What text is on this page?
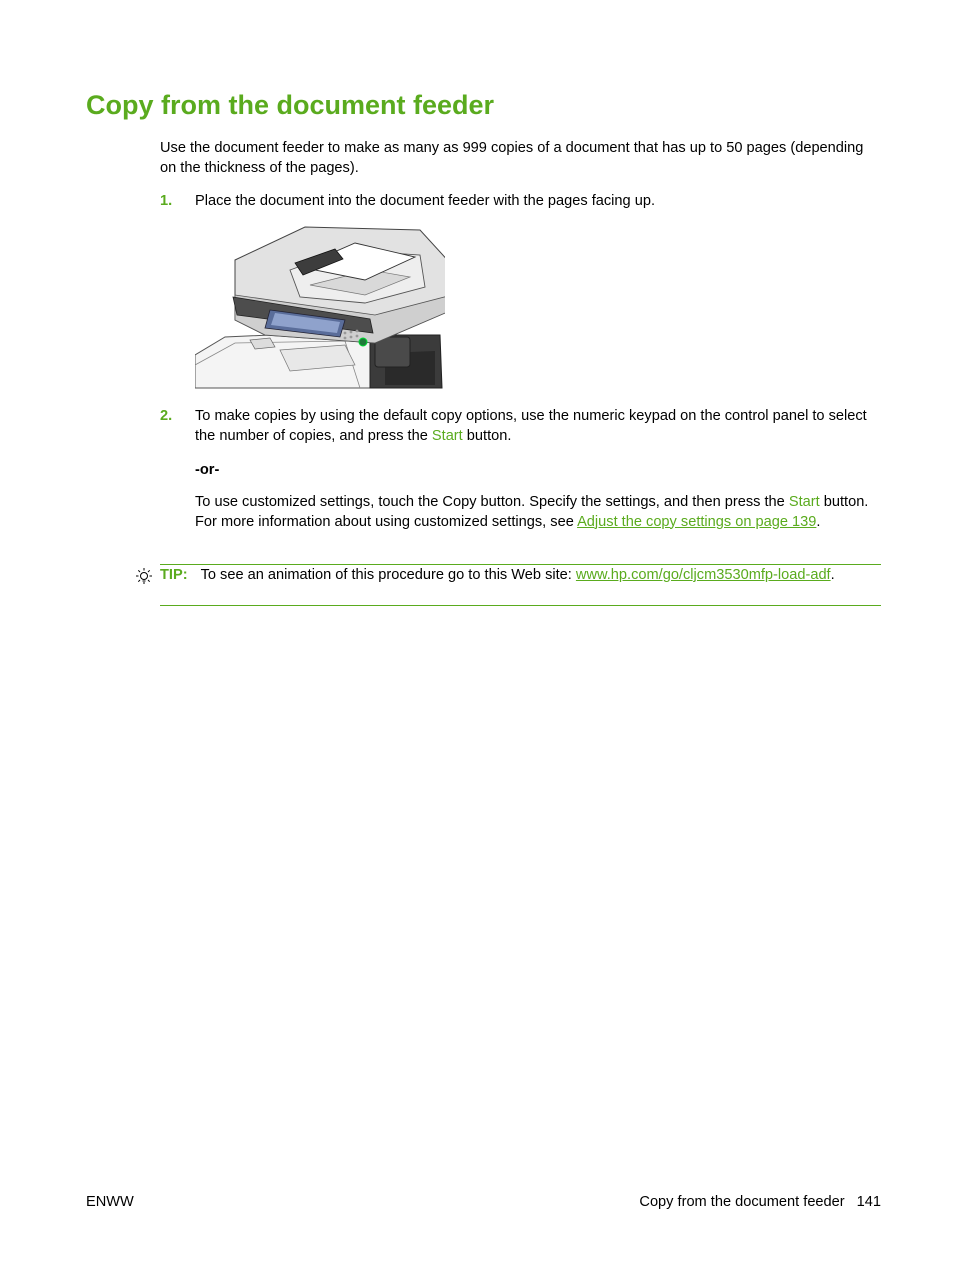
Copy from the document feeder

Use the document feeder to make as many as 999 copies of a document that has up to 50 pages (depending on the thickness of the pages).

1. Place the document into the document feeder with the pages facing up.

2. To make copies by using the default copy options, use the numeric keypad on the control panel to select the number of copies, and press the Start button.

-or-

To use customized settings, touch the Copy button. Specify the settings, and then press the Start button. For more information about using customized settings, see Adjust the copy settings on page 139.

TIP: To see an animation of this procedure go to this Web site: www.hp.com/go/cljcm3530mfp-load-adf.

ENWW	Copy from the document feeder 141
